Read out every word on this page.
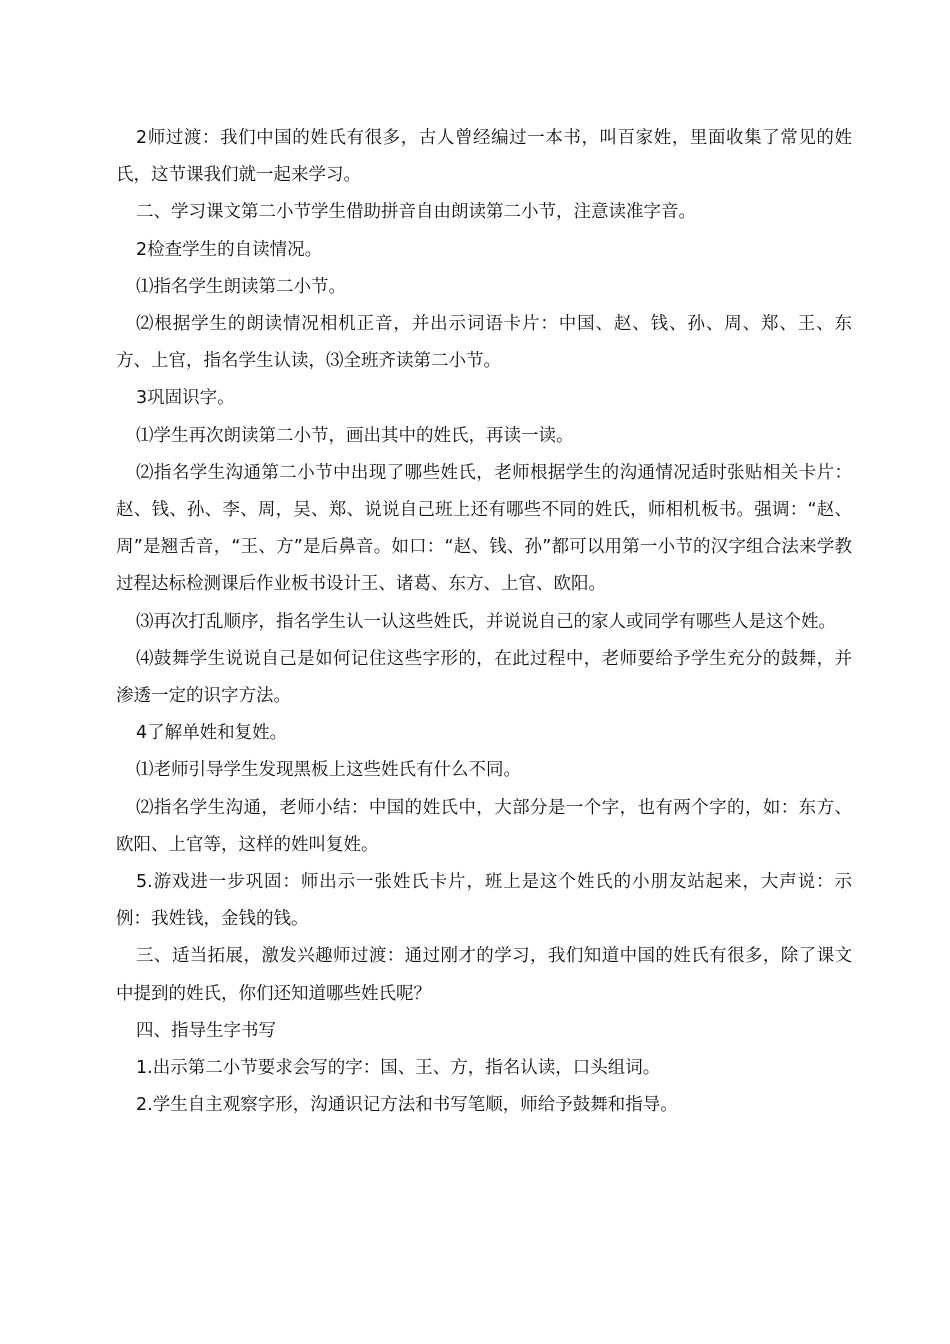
2师过渡：我们中国的姓氏有很多，古人曾经编过一本书，叫百家姓，里面收集了常见的姓氏，这节课我们就一起来学习。

二、学习课文第二小节学生借助拼音自由朗读第二小节，注意读准字音。

2检查学生的自读情况。

⑴指名学生朗读第二小节。

⑵根据学生的朗读情况相机正音，并出示词语卡片：中国、赵、钱、孙、周、郑、王、东方、上官，指名学生认读，⑶全班齐读第二小节。

3巩固识字。

⑴学生再次朗读第二小节，画出其中的姓氏，再读一读。

⑵指名学生沟通第二小节中出现了哪些姓氏，老师根据学生的沟通情况适时张贴相关卡片：赵、钱、孙、李、周，吴、郑、说说自己班上还有哪些不同的姓氏，师相机板书。强调：“赵、周”是翘舌音，“王、方”是后鼻音。如口：“赵、钱、孙”都可以用第一小节的汉字组合法来学教过程达标检测课后作业板书设计王、诸葛、东方、上官、欧阳。

⑶再次打乱顺序，指名学生认一认这些姓氏，并说说自己的家人或同学有哪些人是这个姓。

⑷鼓舞学生说说自己是如何记住这些字形的，在此过程中，老师要给予学生充分的鼓舞，并渗透一定的识字方法。

4了解单姓和复姓。

⑴老师引导学生发现黑板上这些姓氏有什么不同。

⑵指名学生沟通，老师小结：中国的姓氏中，大部分是一个字，也有两个字的，如：东方、欧阳、上官等，这样的姓叫复姓。

5.游戏进一步巩固：师出示一张姓氏卡片，班上是这个姓氏的小朋友站起来，大声说：示例：我姓钱，金钱的钱。

三、适当拓展，激发兴趣师过渡：通过刚才的学习，我们知道中国的姓氏有很多，除了课文中提到的姓氏，你们还知道哪些姓氏呢？

四、指导生字书写

1.出示第二小节要求会写的字：国、王、方，指名认读，口头组词。

2.学生自主观察字形，沟通识记方法和书写笔顺，师给予鼓舞和指导。
